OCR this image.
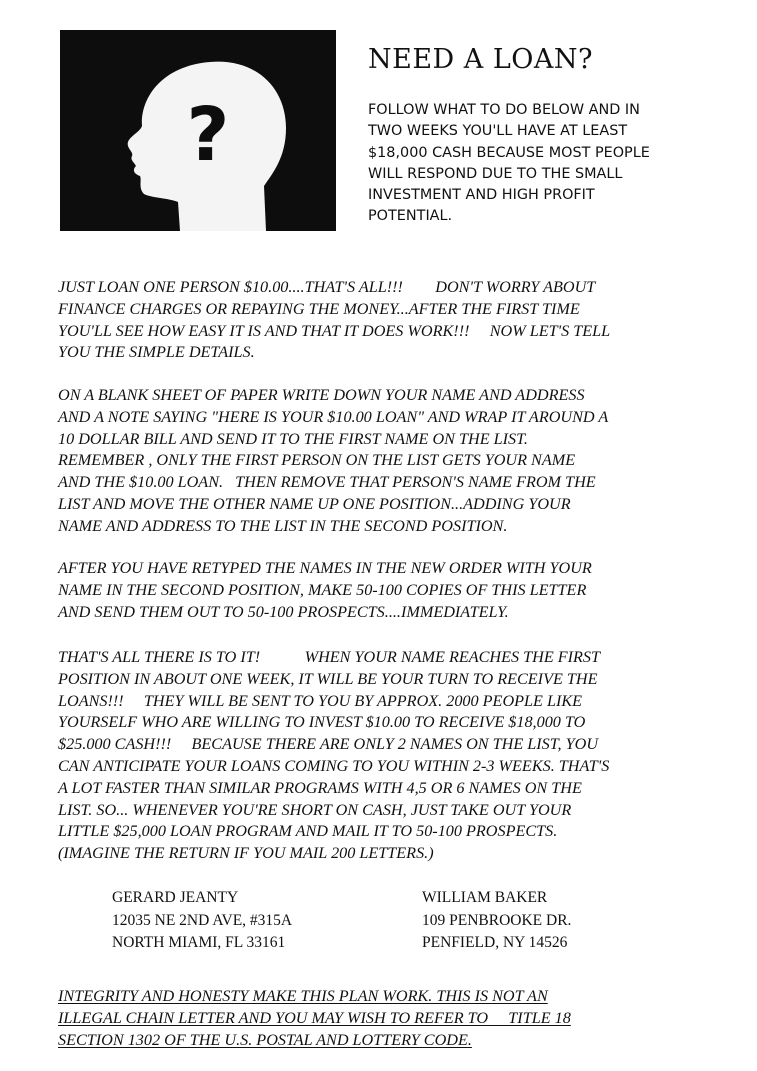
?
NEED A LOAN?
FOLLOW WHAT TO DO BELOW AND IN
TWO WEEKS YOU'LL HAVE AT LEAST
$18,000 CASH BECAUSE MOST PEOPLE
WILL RESPOND DUE TO THE SMALL
INVESTMENT AND HIGH PROFIT
POTENTIAL.
JUST LOAN ONE PERSON $10.00....THAT'S ALL!!!        DON'T WORRY ABOUT
FINANCE CHARGES OR REPAYING THE MONEY...AFTER THE FIRST TIME
YOU'LL SEE HOW EASY IT IS AND THAT IT DOES WORK!!!     NOW LET'S TELL
YOU THE SIMPLE DETAILS.
ON A BLANK SHEET OF PAPER WRITE DOWN YOUR NAME AND ADDRESS
AND A NOTE SAYING "HERE IS YOUR $10.00 LOAN" AND WRAP IT AROUND A
10 DOLLAR BILL AND SEND IT TO THE FIRST NAME ON THE LIST.
REMEMBER , ONLY THE FIRST PERSON ON THE LIST GETS YOUR NAME
AND THE $10.00 LOAN.   THEN REMOVE THAT PERSON'S NAME FROM THE
LIST AND MOVE THE OTHER NAME UP ONE POSITION...ADDING YOUR
NAME AND ADDRESS TO THE LIST IN THE SECOND POSITION.
AFTER YOU HAVE RETYPED THE NAMES IN THE NEW ORDER WITH YOUR
NAME IN THE SECOND POSITION, MAKE 50-100 COPIES OF THIS LETTER
AND SEND THEM OUT TO 50-100 PROSPECTS....IMMEDIATELY.
THAT'S ALL THERE IS TO IT!           WHEN YOUR NAME REACHES THE FIRST
POSITION IN ABOUT ONE WEEK, IT WILL BE YOUR TURN TO RECEIVE THE
LOANS!!!     THEY WILL BE SENT TO YOU BY APPROX. 2000 PEOPLE LIKE
YOURSELF WHO ARE WILLING TO INVEST $10.00 TO RECEIVE $18,000 TO
$25.000 CASH!!!     BECAUSE THERE ARE ONLY 2 NAMES ON THE LIST, YOU
CAN ANTICIPATE YOUR LOANS COMING TO YOU WITHIN 2-3 WEEKS. THAT'S
A LOT FASTER THAN SIMILAR PROGRAMS WITH 4,5 OR 6 NAMES ON THE
LIST. SO... WHENEVER YOU'RE SHORT ON CASH, JUST TAKE OUT YOUR
LITTLE $25,000 LOAN PROGRAM AND MAIL IT TO 50-100 PROSPECTS.
(IMAGINE THE RETURN IF YOU MAIL 200 LETTERS.)
GERARD JEANTY
12035 NE 2ND AVE, #315A
NORTH MIAMI, FL 33161
WILLIAM BAKER
109 PENBROOKE DR.
PENFIELD, NY 14526
INTEGRITY AND HONESTY MAKE THIS PLAN WORK. THIS IS NOT AN
ILLEGAL CHAIN LETTER AND YOU MAY WISH TO REFER TO     TITLE 18
SECTION 1302 OF THE U.S. POSTAL AND LOTTERY CODE.
